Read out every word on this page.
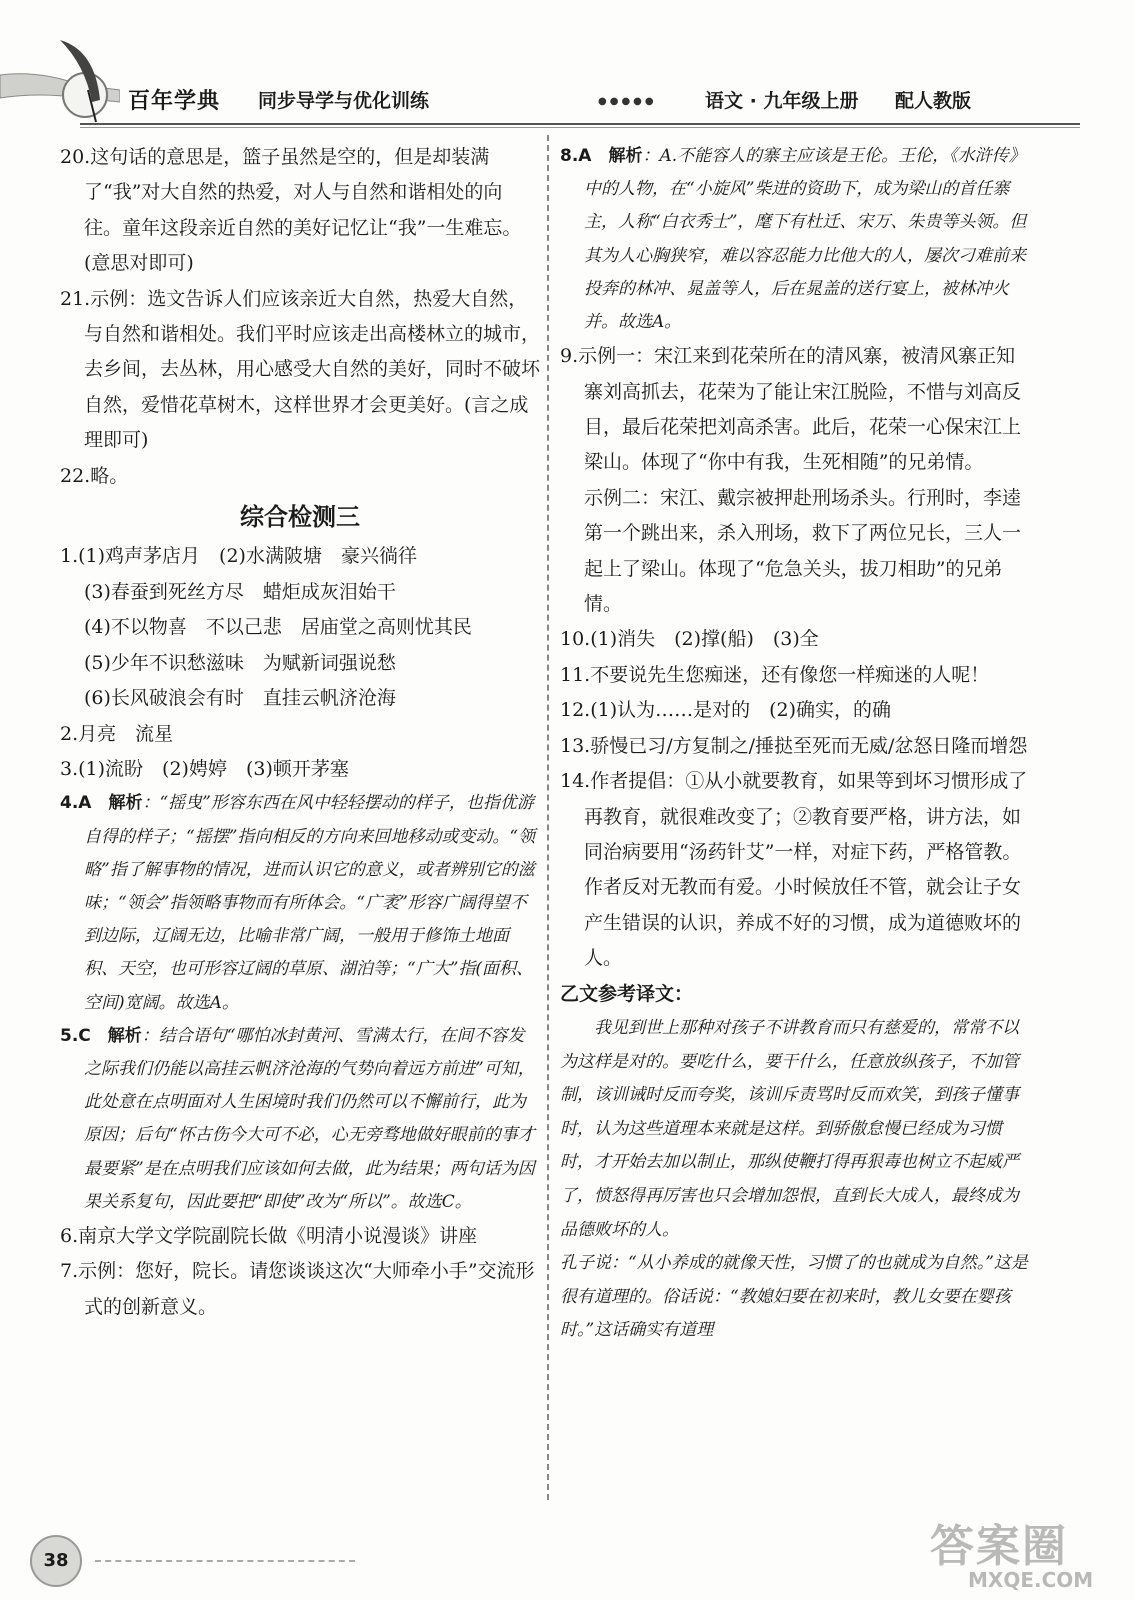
百年学典 同步导学与优化训练	●●●●●	语文 · 九年级上册 配人教版

20.这句话的意思是，篮子虽然是空的，但是却装满了“我”对大自然的热爱，对人与自然和谐相处的向往。童年这段亲近自然的美好记忆让“我”一生难忘。(意思对即可)

21.示例：选文告诉人们应该亲近大自然，热爱大自然，与自然和谐相处。我们平时应该走出高楼林立的城市，去乡间，去丛林，用心感受大自然的美好，同时不破坏自然，爱惜花草树木，这样世界才会更美好。(言之成理即可)

22.略。

综合检测三

1.(1)鸡声茅店月　(2)水满陂塘　豪兴徜徉

(3)春蚕到死丝方尽　蜡炬成灰泪始干

(4)不以物喜　不以己悲　居庙堂之高则忧其民

(5)少年不识愁滋味　为赋新词强说愁

(6)长风破浪会有时　直挂云帆济沧海

2.月亮　流星

3.(1)流盼　(2)娉婷　(3)顿开茅塞

4.A　 解析：“摇曳”形容东西在风中轻轻摆动的样子，也指优游自得的样子；“摇摆”指向相反的方向来回地移动或变动。“领略”指了解事物的情况，进而认识它的意义，或者辨别它的滋味；“领会”指领略事物而有所体会。“广袤”形容广阔得望不到边际，辽阔无边，比喻非常广阔，一般用于修饰土地面积、天空，也可形容辽阔的草原、湖泊等；“广大”指(面积、空间)宽阔。故选A。

5.C　 解析：结合语句“哪怕冰封黄河、雪满太行，在间不容发之际我们仍能以高挂云帆济沧海的气势向着远方前进”可知，此处意在点明面对人生困境时我们仍然可以不懈前行，此为原因；后句“怀古伤今大可不必，心无旁骛地做好眼前的事才最要紧”是在点明我们应该如何去做，此为结果；两句话为因果关系复句，因此要把“即使”改为“所以”。故选C。

6.南京大学文学院副院长做《明清小说漫谈》讲座

7.示例：您好，院长。请您谈谈这次“大师牵小手”交流形式的创新意义。

8.A　 解析：A.不能容人的寨主应该是王伦。王伦，《水浒传》中的人物，在“小旋风”柴进的资助下，成为梁山的首任寨主，人称“白衣秀士”，麾下有杜迁、宋万、朱贵等头领。但其为人心胸狭窄，难以容忍能力比他大的人，屡次刁难前来投奔的林冲、晁盖等人，后在晁盖的送行宴上，被林冲火并。故选A。

9.示例一：宋江来到花荣所在的清风寨，被清风寨正知寨刘高抓去，花荣为了能让宋江脱险，不惜与刘高反目，最后花荣把刘高杀害。此后，花荣一心保宋江上梁山。体现了“你中有我，生死相随”的兄弟情。

示例二：宋江、戴宗被押赴刑场杀头。行刑时，李逵第一个跳出来，杀入刑场，救下了两位兄长，三人一起上了梁山。体现了“危急关头，拔刀相助”的兄弟情。

10.(1)消失　(2)撑(船)　(3)全

11.不要说先生您痴迷，还有像您一样痴迷的人呢！

12.(1)认为……是对的　(2)确实，的确

13.骄慢已习/方复制之/捶挞至死而无威/忿怒日隆而增怨

14.作者提倡：①从小就要教育，如果等到坏习惯形成了再教育，就很难改变了；②教育要严格，讲方法，如同治病要用“汤药针艾”一样，对症下药，严格管教。作者反对无教而有爱。小时候放任不管，就会让子女产生错误的认识，养成不好的习惯，成为道德败坏的人。

乙文参考译文：

我见到世上那种对孩子不讲教育而只有慈爱的，常常不以为这样是对的。要吃什么，要干什么，任意放纵孩子，不加管制，该训诫时反而夸奖，该训斥责骂时反而欢笑，到孩子懂事时，认为这些道理本来就是这样。到骄傲怠慢已经成为习惯时，才开始去加以制止，那纵使鞭打得再狠毒也树立不起威严了，愤怒得再厉害也只会增加怨恨，直到长大成人，最终成为品德败坏的人。

孔子说：“从小养成的就像天性，习惯了的也就成为自然。”这是很有道理的。俗话说：“教媳妇要在初来时，教儿女要在婴孩时。”这话确实有道理

38	答案圈
MXQE.COM
